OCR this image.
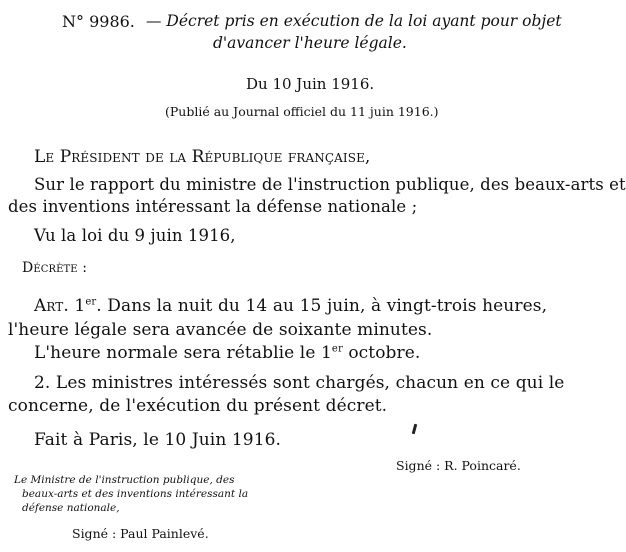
N° 9986. — Décret pris en exécution de la loi ayant pour objet
d'avancer l'heure légale.
Du 10 Juin 1916.
(Publié au Journal officiel du 11 juin 1916.)
Le Président de la République française,
Sur le rapport du ministre de l'instruction publique, des beaux-arts et
des inventions intéressant la défense nationale ;
Vu la loi du 9 juin 1916,
Décrète :
Art. 1er. Dans la nuit du 14 au 15 juin, à vingt-trois heures,
l'heure légale sera avancée de soixante minutes.
L'heure normale sera rétablie le 1er octobre.
2. Les ministres intéressés sont chargés, chacun en ce qui le
concerne, de l'exécution du présent décret.
Fait à Paris, le 10 Juin 1916.
Signé : R. Poincaré.
Le Ministre de l'instruction publique, des
beaux-arts et des inventions intéressant la
défense nationale,
Signé : Paul Painlevé.
